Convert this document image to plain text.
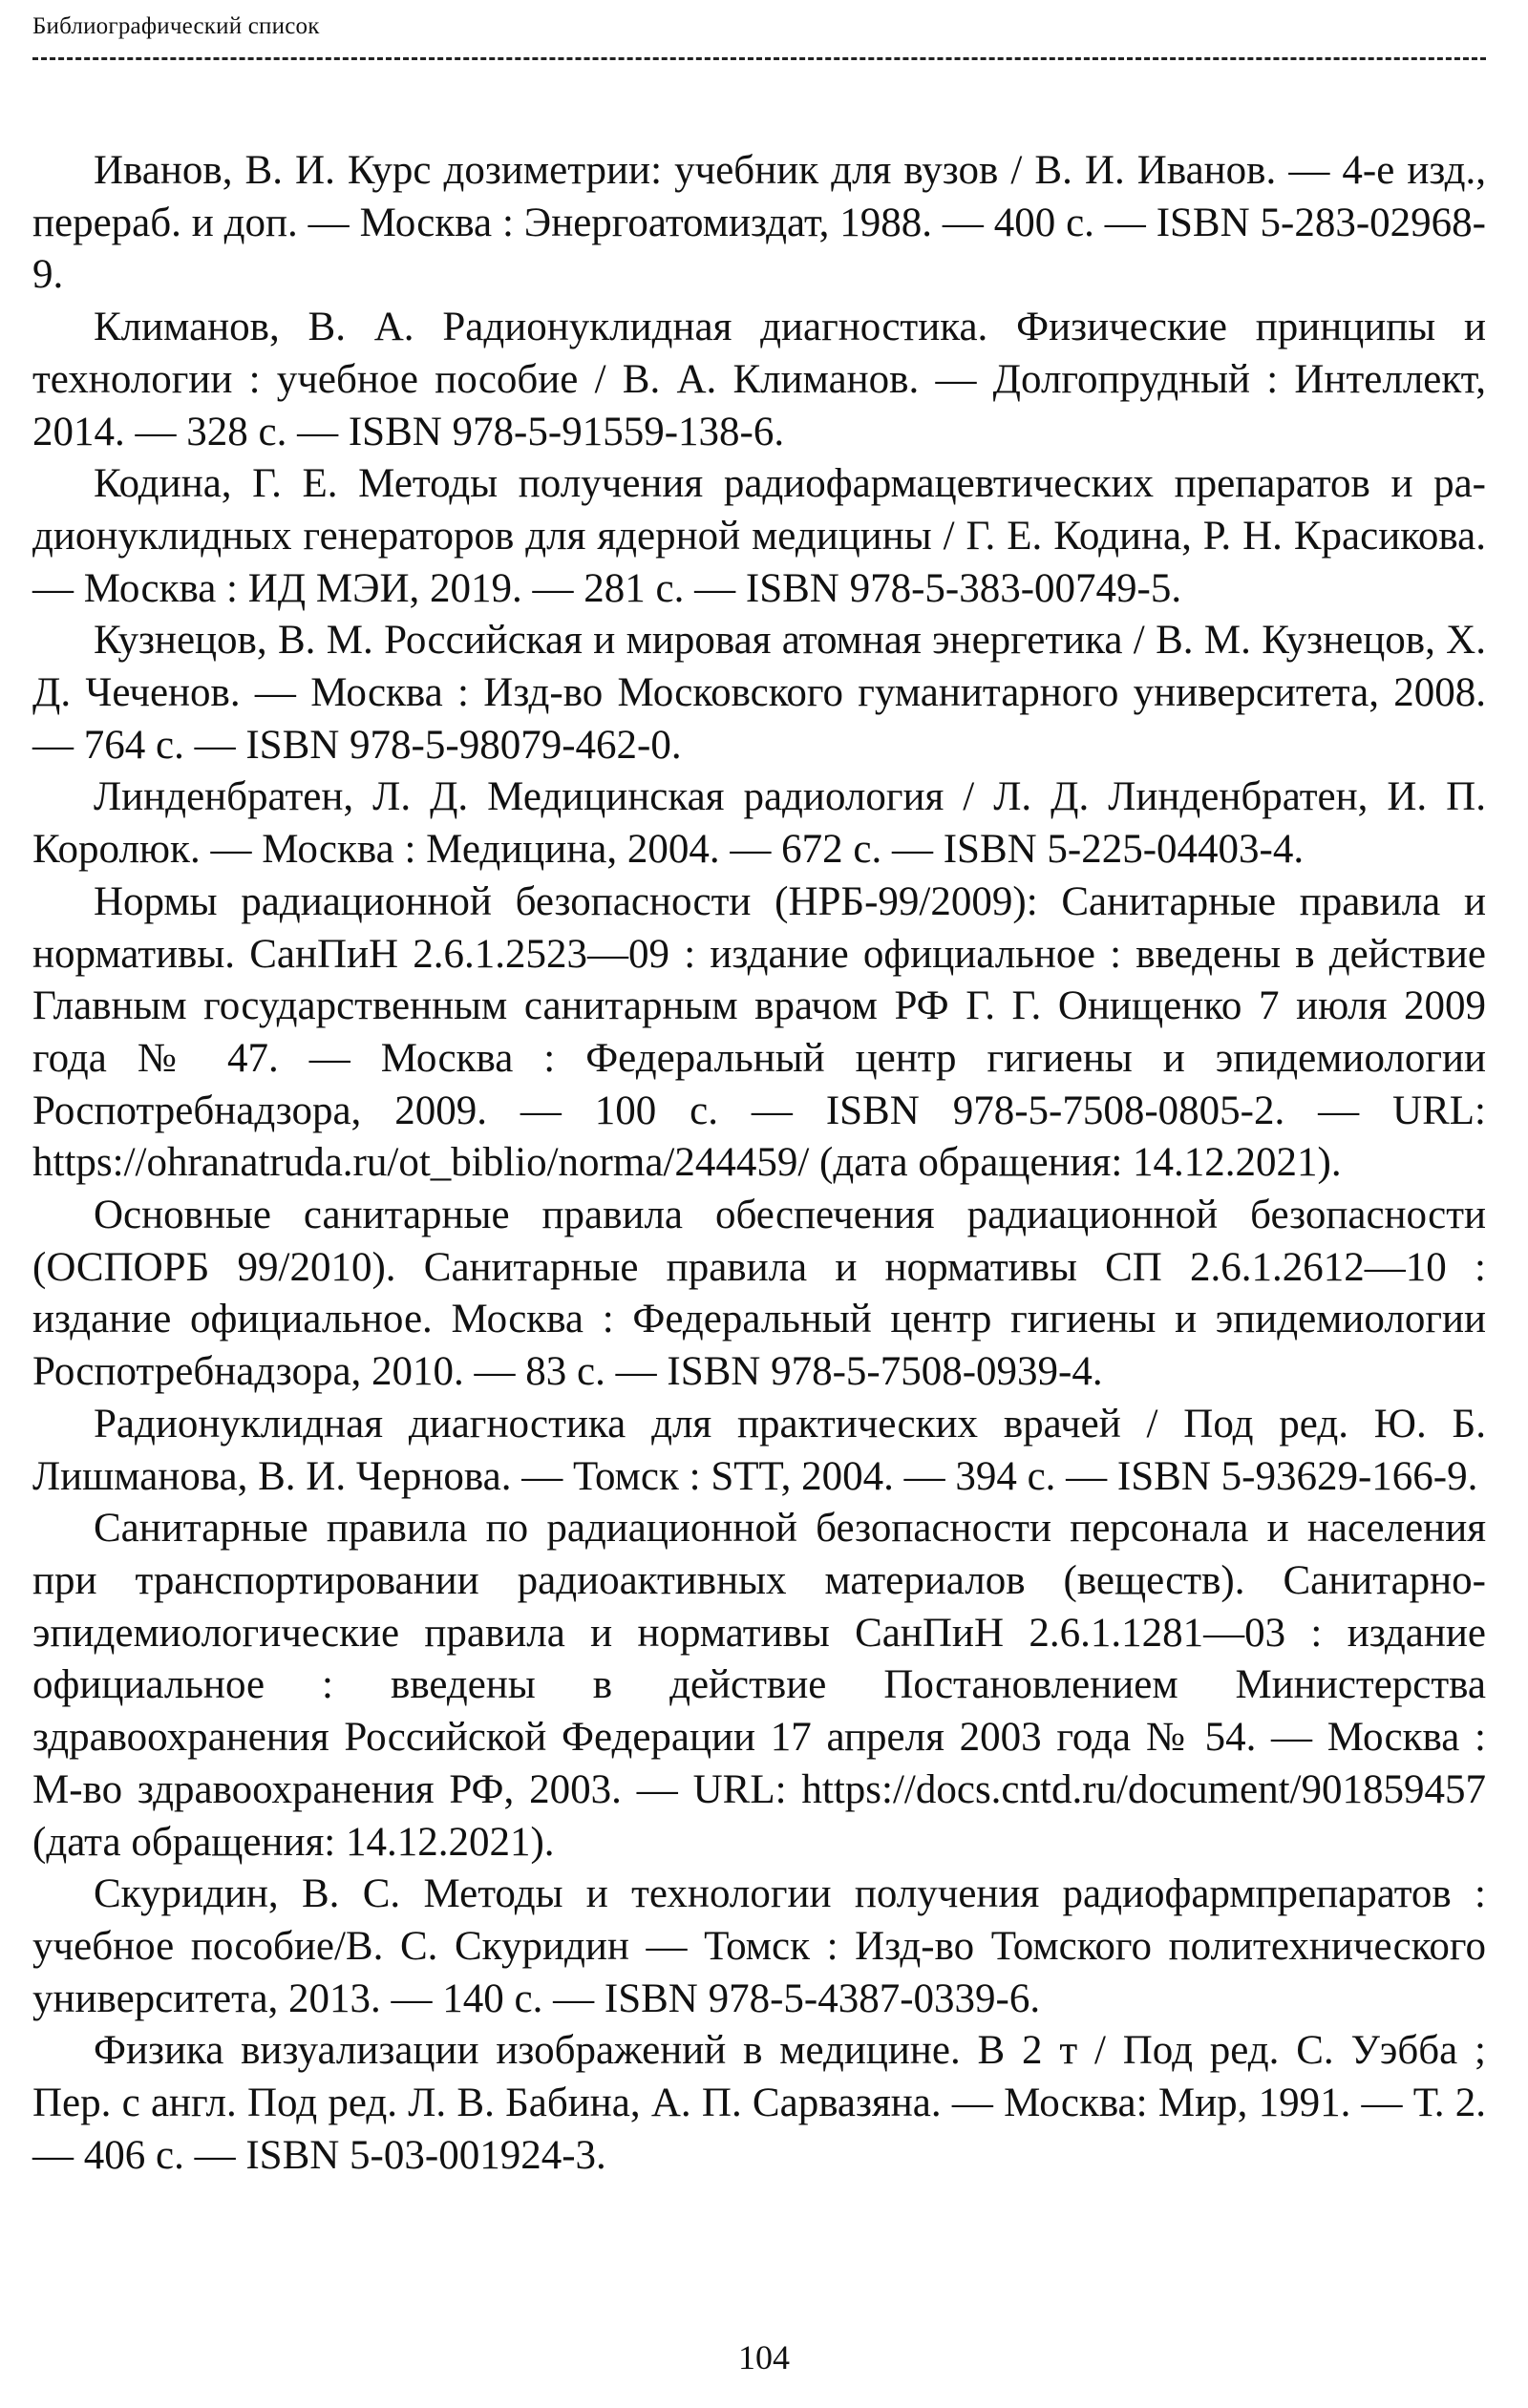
Библиографический список
Иванов, В. И. Курс дозиметрии: учебник для вузов / В. И. Иванов. — 4-е изд., перераб. и доп. — Москва : Энергоатомиздат, 1988. — 400 с. — ISBN 5-283-02968-9.
Климанов, В. А. Радионуклидная диагностика. Физические принципы и технологии : учебное пособие / В. А. Климанов. — Долгопрудный : Интеллект, 2014. — 328 с. — ISBN 978-5-91559-138-6.
Кодина, Г. Е. Методы получения радиофармацевтических препаратов и радионуклидных генераторов для ядерной медицины / Г. Е. Кодина, Р. Н. Красикова. — Москва : ИД МЭИ, 2019. — 281 с. — ISBN 978-5-383-00749-5.
Кузнецов, В. М. Российская и мировая атомная энергетика / В. М. Кузнецов, Х. Д. Чеченов. — Москва : Изд-во Московского гуманитарного университета, 2008. — 764 с. — ISBN 978-5-98079-462-0.
Линденбратен, Л. Д. Медицинская радиология / Л. Д. Линденбратен, И. П. Королюк. — Москва : Медицина, 2004. — 672 с. — ISBN 5-225-04403-4.
Нормы радиационной безопасности (НРБ-99/2009): Санитарные правила и нормативы. СанПиН 2.6.1.2523—09 : издание официальное : введены в действие Главным государственным санитарным врачом РФ Г. Г. Онищенко 7 июля 2009 года № 47. — Москва : Федеральный центр гигиены и эпидемиологии Роспотребнадзора, 2009. — 100 с. — ISBN 978-5-7508-0805-2. — URL: https://ohranatruda.ru/ot_biblio/norma/244459/ (дата обращения: 14.12.2021).
Основные санитарные правила обеспечения радиационной безопасности (ОСПОРБ 99/2010). Санитарные правила и нормативы СП 2.6.1.2612—10 : издание официальное. Москва : Федеральный центр гигиены и эпидемиологии Роспотребнадзора, 2010. — 83 с. — ISBN 978-5-7508-0939-4.
Радионуклидная диагностика для практических врачей / Под ред. Ю. Б. Лишманова, В. И. Чернова. — Томск : STT, 2004. — 394 с. — ISBN 5-93629-166-9.
Санитарные правила по радиационной безопасности персонала и населения при транспортировании радиоактивных материалов (веществ). Санитарно-эпидемиологические правила и нормативы СанПиН 2.6.1.1281—03 : издание официальное : введены в действие Постановлением Министерства здравоохранения Российской Федерации 17 апреля 2003 года № 54. — Москва : М-во здравоохранения РФ, 2003. — URL: https://docs.cntd.ru/document/901859457 (дата обращения: 14.12.2021).
Скуридин, В. С. Методы и технологии получения радиофармпрепаратов : учебное пособие/В. С. Скуридин — Томск : Изд-во Томского политехнического университета, 2013. — 140 с. — ISBN 978-5-4387-0339-6.
Физика визуализации изображений в медицине. В 2 т / Под ред. С. Уэбба ; Пер. с англ. Под ред. Л. В. Бабина, А. П. Сарвазяна. — Москва: Мир, 1991. — Т. 2. — 406 с. — ISBN 5-03-001924-3.
104
